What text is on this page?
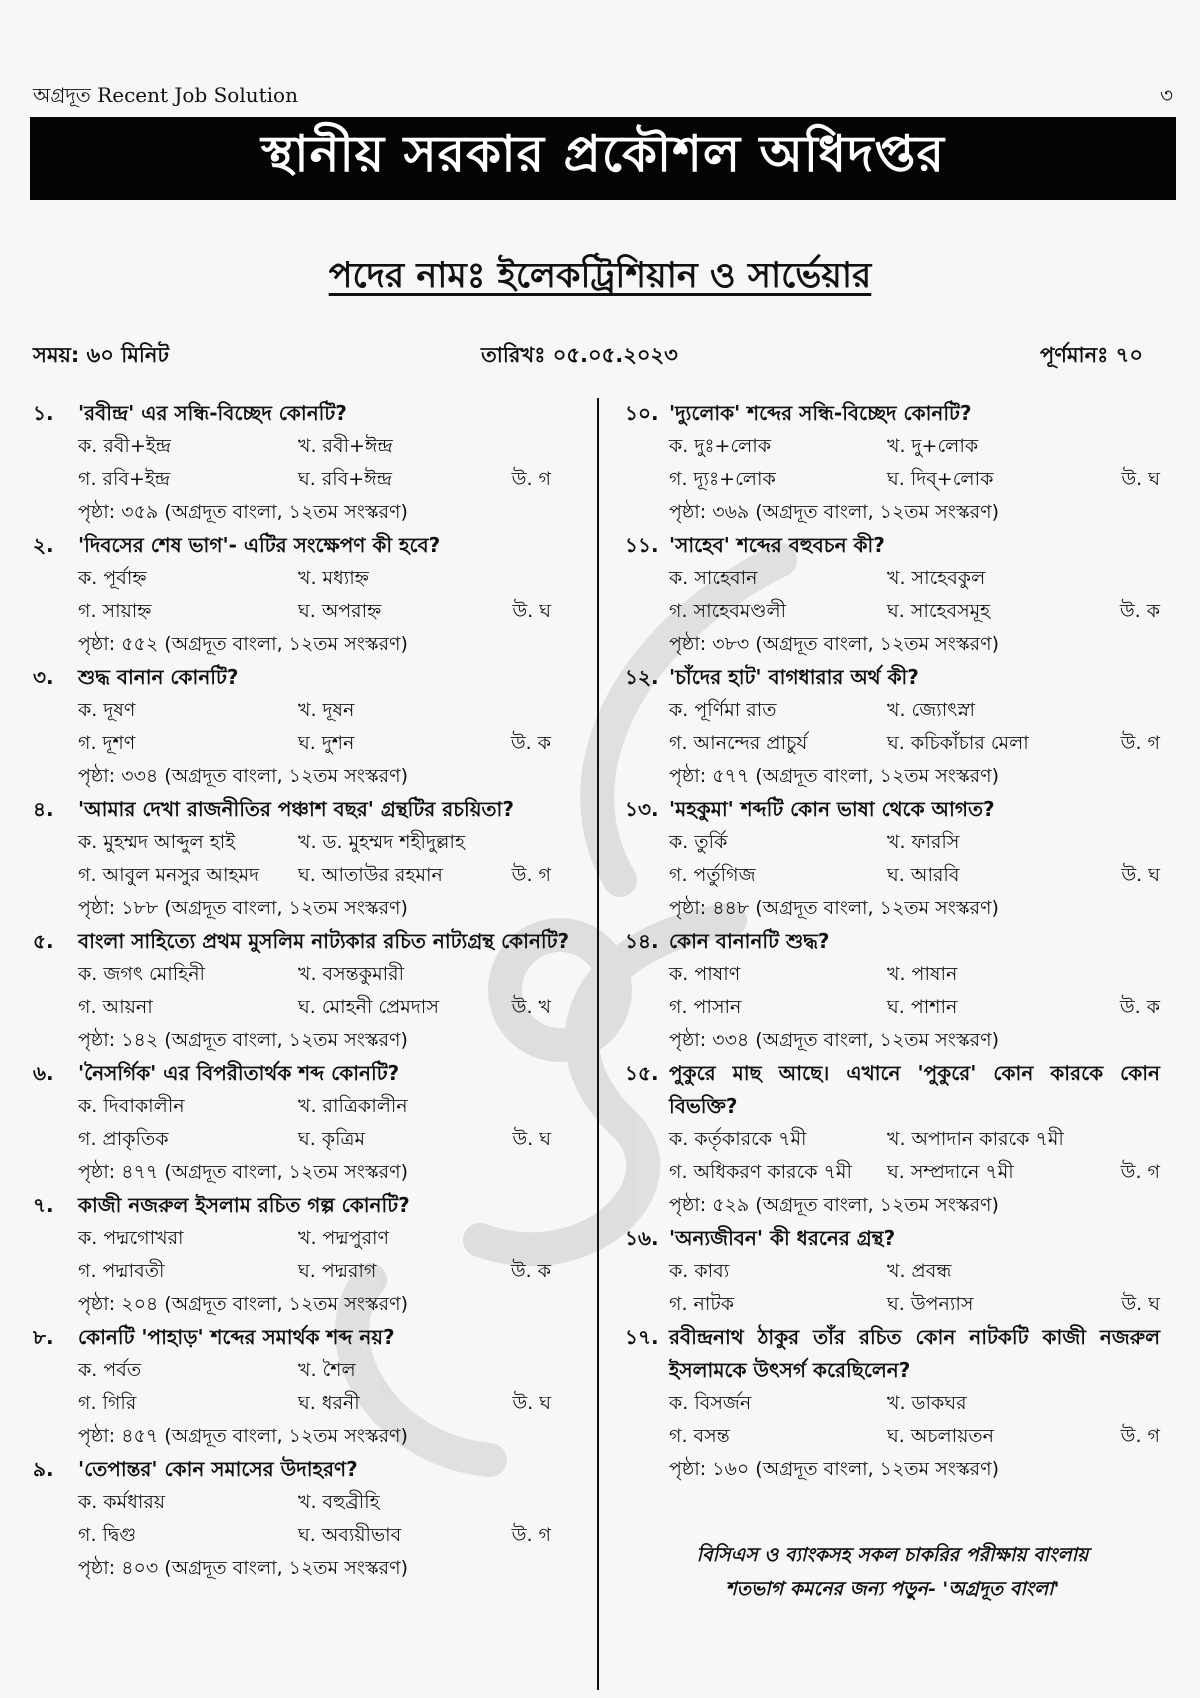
অগ্রদূত Recent Job Solution	৩
স্থানীয় সরকার প্রকৌশল অধিদপ্তর
পদের নামঃ ইলেকট্রিশিয়ান ও সার্ভেয়ার
সময়: ৬০ মিনিট	তারিখঃ ০৫.০৫.২০২৩	পূর্ণমানঃ ৭০
১.	'রবীন্দ্র' এর সন্ধি-বিচ্ছেদ কোনটি?
ক. রবী+ইন্দ্র	খ. রবী+ঈন্দ্র
গ. রবি+ইন্দ্র	ঘ. রবি+ঈন্দ্র	উ. গ
পৃষ্ঠা: ৩৫৯ (অগ্রদূত বাংলা, ১২তম সংস্করণ)
২.	'দিবসের শেষ ভাগ'- এটির সংক্ষেপণ কী হবে?
ক. পূর্বাহ্ন	খ. মধ্যাহ্ন
গ. সায়াহ্ন	ঘ. অপরাহ্ন	উ. ঘ
পৃষ্ঠা: ৫৫২ (অগ্রদূত বাংলা, ১২তম সংস্করণ)
৩.	শুদ্ধ বানান কোনটি?
ক. দূষণ	খ. দূষন
গ. দূশণ	ঘ. দুশন	উ. ক
পৃষ্ঠা: ৩৩৪ (অগ্রদূত বাংলা, ১২তম সংস্করণ)
৪.	'আমার দেখা রাজনীতির পঞ্চাশ বছর' গ্রন্থটির রচয়িতা?
ক. মুহম্মদ আব্দুল হাই	খ. ড. মুহম্মদ শহীদুল্লাহ
গ. আবুল মনসুর আহমদ ঘ. আতাউর রহমান	উ. গ
পৃষ্ঠা: ১৮৮ (অগ্রদূত বাংলা, ১২তম সংস্করণ)
৫.	বাংলা সাহিত্যে প্রথম মুসলিম নাট্যকার রচিত নাট্যগ্রন্থ কোনটি?
ক. জগৎ মোহিনী	খ. বসন্তকুমারী
গ. আয়না	ঘ. মোহনী প্রেমদাস	উ. খ
পৃষ্ঠা: ১৪২ (অগ্রদূত বাংলা, ১২তম সংস্করণ)
৬.	'নৈসর্গিক' এর বিপরীতার্থক শব্দ কোনটি?
ক. দিবাকালীন	খ. রাত্রিকালীন
গ. প্রাকৃতিক	ঘ. কৃত্রিম	উ. ঘ
পৃষ্ঠা: ৪৭৭ (অগ্রদূত বাংলা, ১২তম সংস্করণ)
৭.	কাজী নজরুল ইসলাম রচিত গল্প কোনটি?
ক. পদ্মগোখরা	খ. পদ্মপুরাণ
গ. পদ্মাবতী	ঘ. পদ্মরাগ	উ. ক
পৃষ্ঠা: ২০৪ (অগ্রদূত বাংলা, ১২তম সংস্করণ)
৮.	কোনটি 'পাহাড়' শব্দের সমার্থক শব্দ নয়?
ক. পর্বত	খ. শৈল
গ. গিরি	ঘ. ধরনী	উ. ঘ
পৃষ্ঠা: ৪৫৭ (অগ্রদূত বাংলা, ১২তম সংস্করণ)
৯.	'তেপান্তর' কোন সমাসের উদাহরণ?
ক. কর্মধারয়	খ. বহুব্রীহি
গ. দ্বিগু	ঘ. অব্যয়ীভাব	উ. গ
পৃষ্ঠা: ৪০৩ (অগ্রদূত বাংলা, ১২তম সংস্করণ)
১০. 'দ্যুলোক' শব্দের সন্ধি-বিচ্ছেদ কোনটি?
ক. দুঃ+লোক	খ. দু+লোক
গ. দ্যূঃ+লোক	ঘ. দিব্+লোক	উ. ঘ
পৃষ্ঠা: ৩৬৯ (অগ্রদূত বাংলা, ১২তম সংস্করণ)
১১. 'সাহেব' শব্দের বহুবচন কী?
ক. সাহেবান	খ. সাহেবকুল
গ. সাহেবমণ্ডলী	ঘ. সাহেবসমূহ	উ. ক
পৃষ্ঠা: ৩৮৩ (অগ্রদূত বাংলা, ১২তম সংস্করণ)
১২. 'চাঁদের হাট' বাগধারার অর্থ কী?
ক. পূর্ণিমা রাত	খ. জ্যোৎস্না
গ. আনন্দের প্রাচুর্য	ঘ. কচিকাঁচার মেলা	উ. গ
পৃষ্ঠা: ৫৭৭ (অগ্রদূত বাংলা, ১২তম সংস্করণ)
১৩. 'মহকুমা' শব্দটি কোন ভাষা থেকে আগত?
ক. তুর্কি	খ. ফারসি
গ. পর্তুগিজ	ঘ. আরবি	উ. ঘ
পৃষ্ঠা: ৪৪৮ (অগ্রদূত বাংলা, ১২তম সংস্করণ)
১৪. কোন বানানটি শুদ্ধ?
ক. পাষাণ	খ. পাষান
গ. পাসান	ঘ. পাশান	উ. ক
পৃষ্ঠা: ৩৩৪ (অগ্রদূত বাংলা, ১২তম সংস্করণ)
১৫. পুকুরে মাছ আছে। এখানে 'পুকুরে' কোন কারকে কোন বিভক্তি?
ক. কর্তৃকারকে ৭মী	খ. অপাদান কারকে ৭মী
গ. অধিকরণ কারকে ৭মী ঘ. সম্প্রদানে ৭মী	উ. গ
পৃষ্ঠা: ৫২৯ (অগ্রদূত বাংলা, ১২তম সংস্করণ)
১৬. 'অন্যজীবন' কী ধরনের গ্রন্থ?
ক. কাব্য	খ. প্রবন্ধ
গ. নাটক	ঘ. উপন্যাস	উ. ঘ
১৭. রবীন্দ্রনাথ ঠাকুর তাঁর রচিত কোন নাটকটি কাজী নজরুল ইসলামকে উৎসর্গ করেছিলেন?
ক. বিসর্জন	খ. ডাকঘর
গ. বসন্ত	ঘ. অচলায়তন	উ. গ
পৃষ্ঠা: ১৬০ (অগ্রদূত বাংলা, ১২তম সংস্করণ)
বিসিএস ও ব্যাংকসহ সকল চাকরির পরীক্ষায় বাংলায়
শতভাগ কমনের জন্য পড়ুন- 'অগ্রদূত বাংলা'
